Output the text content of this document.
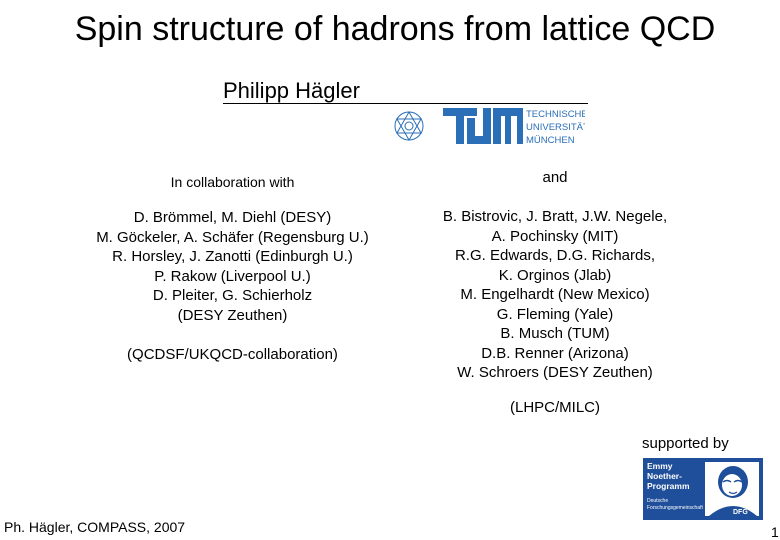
Spin structure of hadrons from lattice QCD
Philipp Hägler
TECHNISCHE
UNIVERSITÄT
MÜNCHEN
In collaboration with
D. Brömmel, M. Diehl (DESY)
M. Göckeler, A. Schäfer (Regensburg U.)
R. Horsley, J. Zanotti (Edinburgh U.)
P. Rakow (Liverpool U.)
D. Pleiter, G. Schierholz
(DESY Zeuthen)
(QCDSF/UKQCD-collaboration)
and
B. Bistrovic, J. Bratt, J.W. Negele,
A. Pochinsky (MIT)
R.G. Edwards, D.G. Richards,
K. Orginos (Jlab)
M. Engelhardt (New Mexico)
G. Fleming (Yale)
B. Musch (TUM)
D.B. Renner (Arizona)
W. Schroers (DESY Zeuthen)
(LHPC/MILC)
supported by
Emmy
Noether-
Programm
Deutsche
Forschungsgemeinschaft
DFG
Ph. Hägler, COMPASS, 2007	1
